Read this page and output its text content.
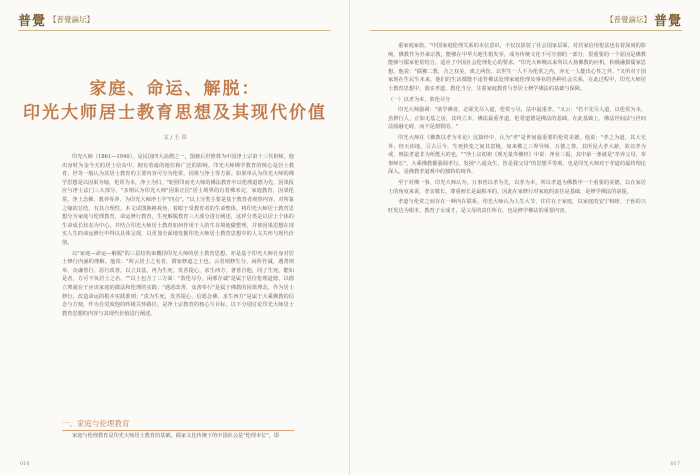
普覺 【普覺論坛】
家庭、命运、解脱：
印光大师居士教育思想及其现代价值
文 / 王 卓

印光大师（1861—1940），是民国四大高僧之一，图被后世推尊为中国净土宗第十三代祖师。他出身时为金今天的居士信众中，拥有着最的地位和广泛的影响。印光大师佛学教育的核心是居士教育，世等一般认为其居士教育的主要内容可分为伦常、因果与净土等方面。如果单认为印光大师的佛学思想是以因果为轴，伦常为本，净土为归，"轮照印而光大师的佛法教育中以伦理道德为先，因果报应与净土法门三大部分。"多则认为印光大师"因果正信"居士境界的有着佛米完，家庭教育，因果伦常，净土念佛，教养等养，为印光大师净土学"四点"。"以上分类主要是基于教育者观察内容，对所篆之缘的总结，有其合理性。本文试图换换视角，着眼于受教育者的生命整体，将印光大师居士教育思想分为家庭与伦理教育，命运修行教育，生死解脱教育三大部分进行阐述，这样分类是以居士个体的生命成长状态为中心，并结合印光大师居士教育如何作用于人的生存境地做整理，并彼因果思想在现实人生的命运修行中得以具体呈现，以更加全面地发掘印光大师居士教育思想中的人文关怀与现代价值。

以"家庭—命运—解脱"的三层结构来概括印光大师的居士教育思想，亦是基于印光大师自身对居士修行内涵的理解。他说："所云居士之名者，谓家修道之士也。云者则修生分，闲所作诚，遇善则举，众谦善行，恶行改善，以立其基，再为生死，发菩提心，求生西方，著善自他，同了生死，能如是者，方可不负居士之名。""以上包含了三方面："敦伦尽分，闲邪存诚"是属于居位伦理道德，以德立理就在于应该家庭的做法和伦理的实践："遇恶改善，众善奉行"是属于佛教的因果理念，作为居士修行，改造命运的根本实践准则；"真为生死，发菩提心，信愿念佛，求生西方"是属于大乘佛教的信念与方便，作为自觉度他的终极关怀路径。是净土宗教育的核心与目标，以下分别讨论印光大师居士教育思想的内容与其现代价值进行阐述。

一、家庭与伦理教育

家庭与伦理教育是印光大师居士教育的基础。儒家文化传统下的中国社会是"伦理本位"，即

016
【普覺論坛】 普覺

重家庭家族，"中国家庭伦理关系的本位意识，不仅仅影射了社会国家层面，对居家信用伦法也有着深刻的影响，佛教作为外来宗教，能够在中华大地生根发芽，成为传统文化不可分割的一部分，很重要的一个原因是佛教能够与儒家伦常结合，适应了中国社会伦理化心的要求。"印光大师晚以来所以大扬佛教的应机，积极融摄儒家思想。他说："儒佛二教，合之双美，离之两伤。以世生一人不为伦常之内，亦无一人能出心性之外。"又所对于国家现在生民生未来，他们的生活都能不违背佛法处理家庭伦理及事业的各种社会关系，在此过程中，印光大师居士教育思想中，落实孝道，教化当分，注重家庭教育与孝居士修学佛法的基础与保障。

（一）以孝为本，敦伦尽分

印光大师强调："欲学佛者，必须先尽人道，伦常亏尽，法中最重孝。"又云："若不先尽人道，以伦常为本，虽修行人，正如无基之房，其终立本，佛法最重孝道，伦常道德是佛法的基础，在此基础上，佛法世间法与世间法圆融无碍，而不是割裂的。"

印光大师在《佛教以孝为本论》这篇经中，认为"孝"是世间最重要的伦常美德，他说："孝之为道，其大无外，经天纬地，亘古亘今，生死转变之间其意极，如来佛之三界导师，万德之尊，其所见大孝大慈，故以孝为戒，则法孝道非为所能大的也。""净土宗初祖《观无量寿佛经》中说：净业三福，其中第一条就是"孝养父母，奉事师长"，大乘佛教都强调孝行。发扬"八通众生，皆是我父母"的思想平等观，也是印光大师对于孝道的最终理论深入，是佛教孝道观中的独特的境界。

至于对佛一事，印光大师认为，万事皆以孝为先，以孝为本，所以孝道为佛教中一个重要的美德，以在家居士的角度来说，孝亲敬长、尊重师长是最根本的，因此在家修行对家庭的责任是基础，是修学佛法的前提。

孝道与伦常之间存在一种内在联系，印光大师认为人生大节，往往在于家庭，以家庭的安宁和睦、子孙的兴旺发达为根本，教育子女成才，是父母的责任所在，也是修学佛法的重要内容。

017
